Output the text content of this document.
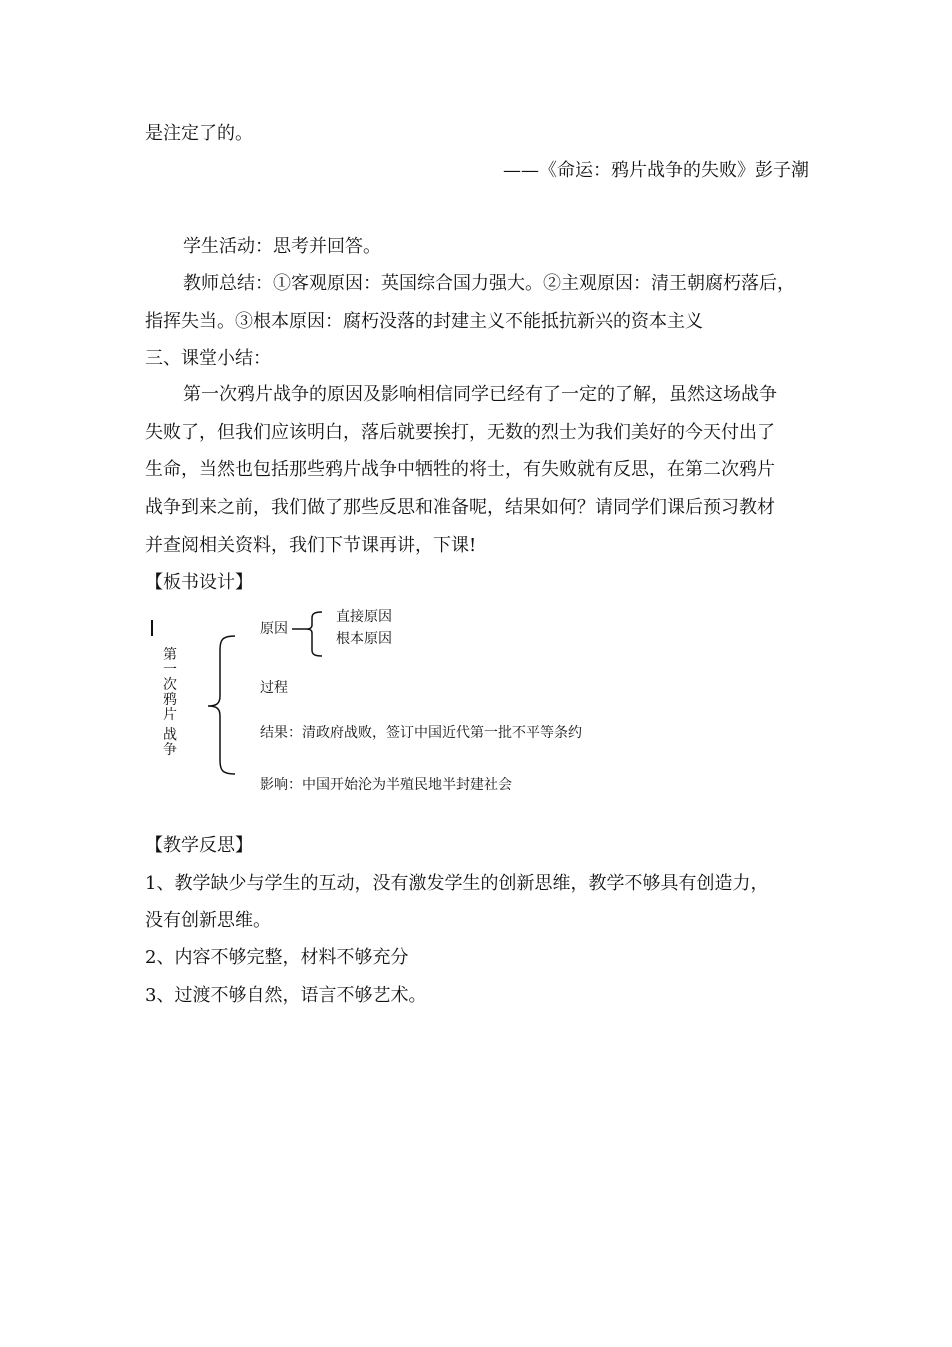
是注定了的。
——《命运：鸦片战争的失败》彭子潮
学生活动：思考并回答。
教师总结：①客观原因：英国综合国力强大。②主观原因：清王朝腐朽落后，
指挥失当。③根本原因：腐朽没落的封建主义不能抵抗新兴的资本主义
三、课堂小结：
第一次鸦片战争的原因及影响相信同学已经有了一定的了解，虽然这场战争
失败了，但我们应该明白，落后就要挨打，无数的烈士为我们美好的今天付出了
生命，当然也包括那些鸦片战争中牺牲的将士，有失败就有反思，在第二次鸦片
战争到来之前，我们做了那些反思和准备呢，结果如何？请同学们课后预习教材
并查阅相关资料，我们下节课再讲，下课!
【板书设计】
第一次鸦片
战争
原因
直接原因
根本原因
过程
结果：清政府战败，签订中国近代第一批不平等条约
影响：中国开始沦为半殖民地半封建社会
【教学反思】
1、教学缺少与学生的互动，没有激发学生的创新思维，教学不够具有创造力，
没有创新思维。
2、内容不够完整，材料不够充分
3、过渡不够自然，语言不够艺术。
